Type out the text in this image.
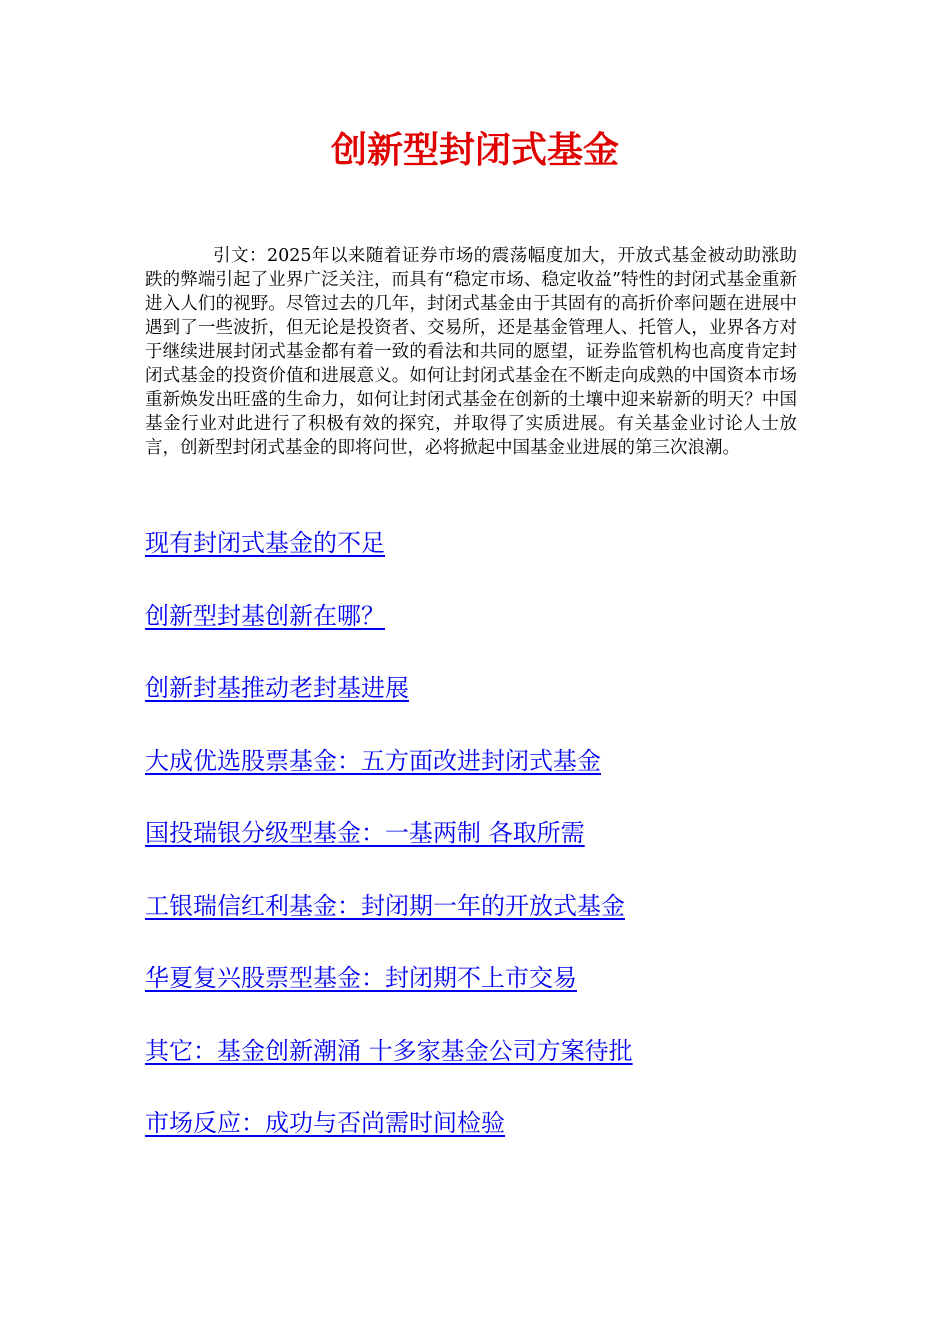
创新型封闭式基金

引文：2025年以来随着证券市场的震荡幅度加大，开放式基金被动助涨助跌的弊端引起了业界广泛关注，而具有“稳定市场、稳定收益”特性的封闭式基金重新进入人们的视野。尽管过去的几年，封闭式基金由于其固有的高折价率问题在进展中遇到了一些波折，但无论是投资者、交易所，还是基金管理人、托管人，业界各方对于继续进展封闭式基金都有着一致的看法和共同的愿望，证券监管机构也高度肯定封闭式基金的投资价值和进展意义。如何让封闭式基金在不断走向成熟的中国资本市场重新焕发出旺盛的生命力，如何让封闭式基金在创新的土壤中迎来崭新的明天？中国基金行业对此进行了积极有效的探究，并取得了实质进展。有关基金业讨论人士放言，创新型封闭式基金的即将问世，必将掀起中国基金业进展的第三次浪潮。

现有封闭式基金的不足
创新型封基创新在哪？
创新封基推动老封基进展
大成优选股票基金：五方面改进封闭式基金
国投瑞银分级型基金：一基两制 各取所需
工银瑞信红利基金：封闭期一年的开放式基金
华夏复兴股票型基金：封闭期不上市交易
其它：基金创新潮涌 十多家基金公司方案待批
市场反应：成功与否尚需时间检验
